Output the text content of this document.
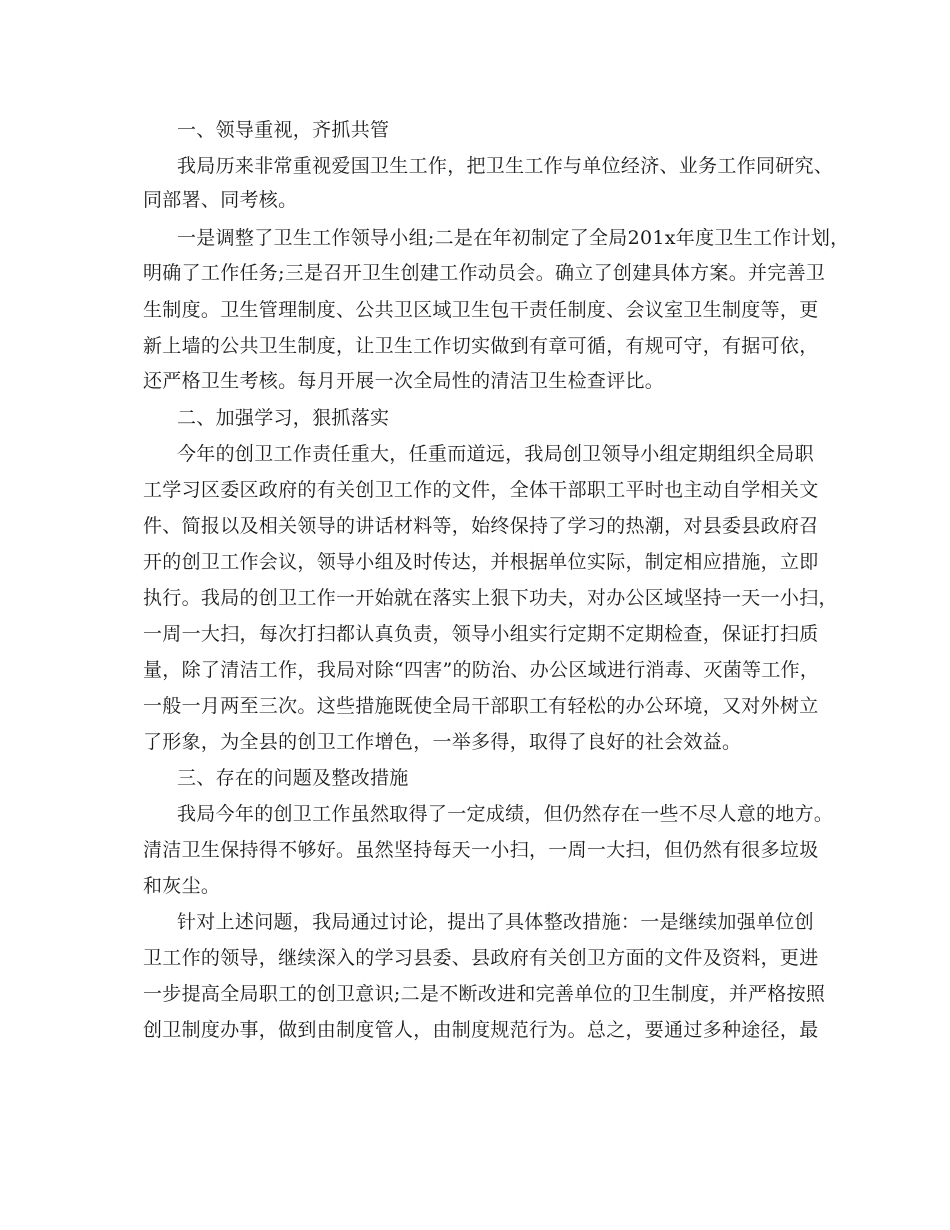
一、领导重视，齐抓共管
我局历来非常重视爱国卫生工作，把卫生工作与单位经济、业务工作同研究、
同部署、同考核。
一是调整了卫生工作领导小组;二是在年初制定了全局201x年度卫生工作计划，
明确了工作任务;三是召开卫生创建工作动员会。确立了创建具体方案。并完善卫
生制度。卫生管理制度、公共卫区域卫生包干责任制度、会议室卫生制度等，更
新上墙的公共卫生制度，让卫生工作切实做到有章可循，有规可守，有据可依，
还严格卫生考核。每月开展一次全局性的清洁卫生检查评比。
二、加强学习，狠抓落实
今年的创卫工作责任重大，任重而道远，我局创卫领导小组定期组织全局职
工学习区委区政府的有关创卫工作的文件，全体干部职工平时也主动自学相关文
件、简报以及相关领导的讲话材料等，始终保持了学习的热潮，对县委县政府召
开的创卫工作会议，领导小组及时传达，并根据单位实际，制定相应措施，立即
执行。我局的创卫工作一开始就在落实上狠下功夫，对办公区域坚持一天一小扫，
一周一大扫，每次打扫都认真负责，领导小组实行定期不定期检查，保证打扫质
量，除了清洁工作，我局对除“四害”的防治、办公区域进行消毒、灭菌等工作，
一般一月两至三次。这些措施既使全局干部职工有轻松的办公环境，又对外树立
了形象，为全县的创卫工作增色，一举多得，取得了良好的社会效益。
三、存在的问题及整改措施
我局今年的创卫工作虽然取得了一定成绩，但仍然存在一些不尽人意的地方。
清洁卫生保持得不够好。虽然坚持每天一小扫，一周一大扫，但仍然有很多垃圾
和灰尘。
针对上述问题，我局通过讨论，提出了具体整改措施：一是继续加强单位创
卫工作的领导，继续深入的学习县委、县政府有关创卫方面的文件及资料，更进
一步提高全局职工的创卫意识;二是不断改进和完善单位的卫生制度，并严格按照
创卫制度办事，做到由制度管人，由制度规范行为。总之，要通过多种途径，最
